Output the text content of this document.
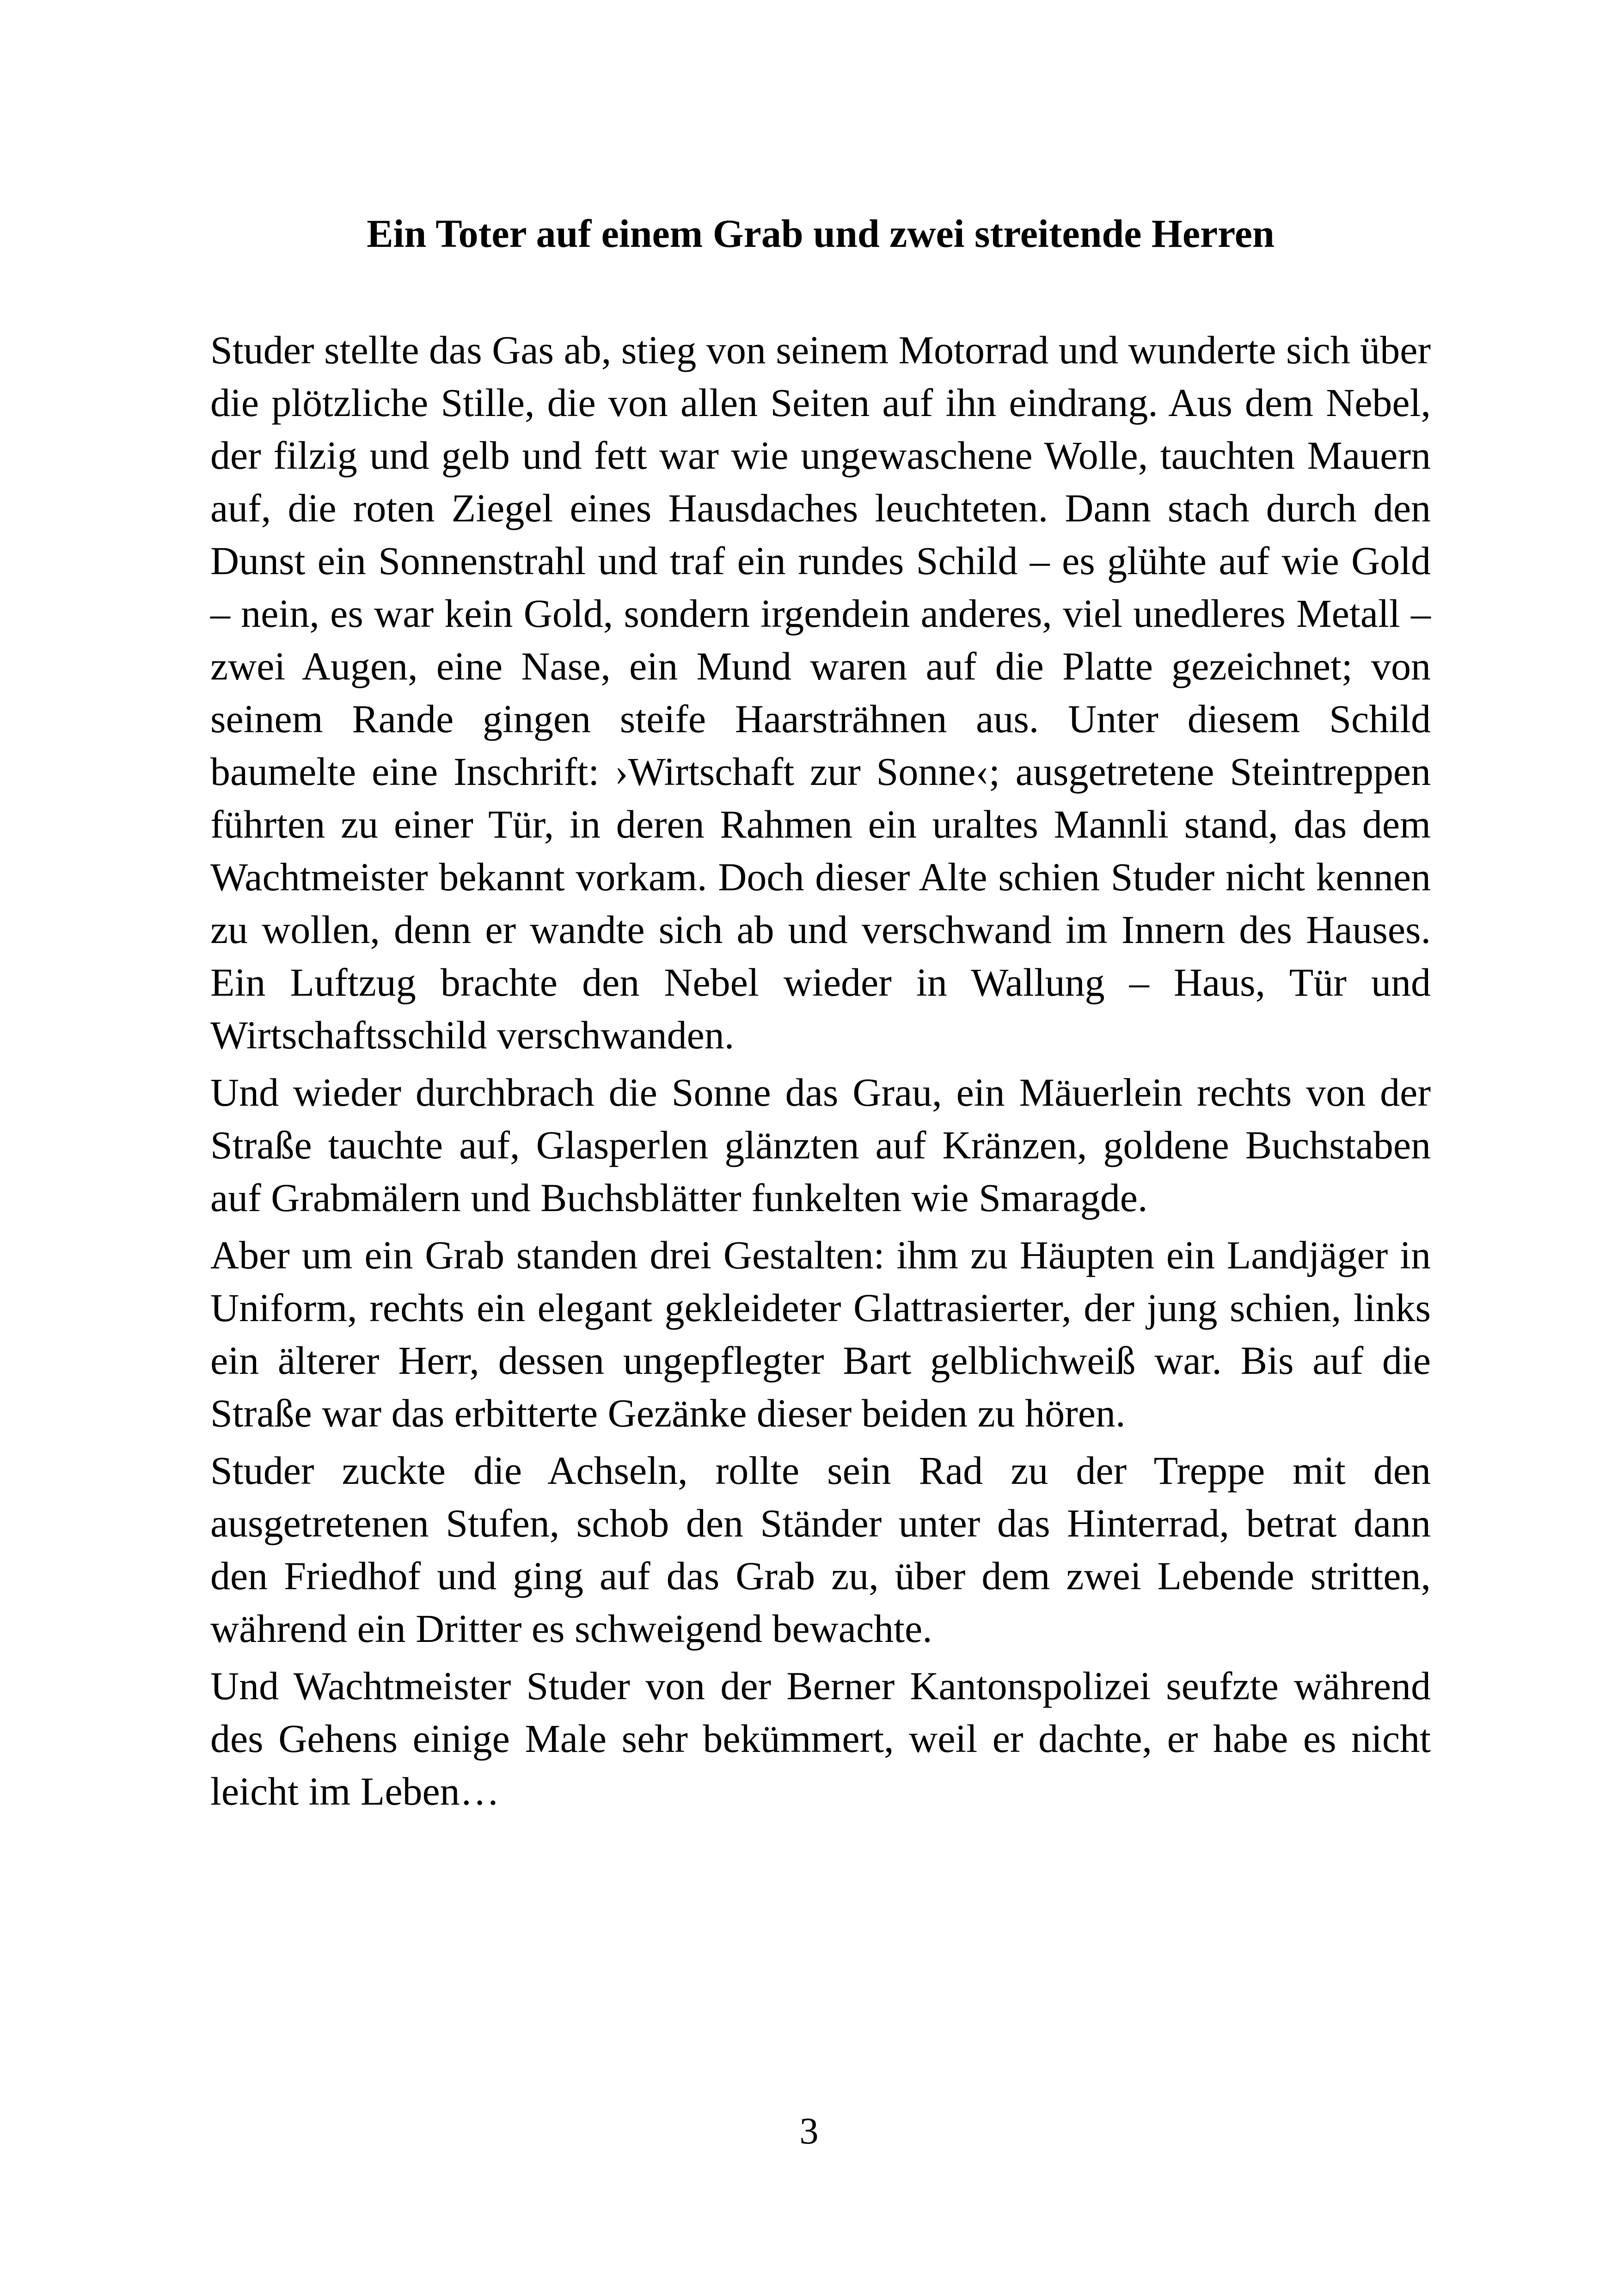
Ein Toter auf einem Grab und zwei streitende Herren

Studer stellte das Gas ab, stieg von seinem Motorrad und wunderte sich über die plötzliche Stille, die von allen Seiten auf ihn eindrang. Aus dem Nebel, der filzig und gelb und fett war wie ungewaschene Wolle, tauchten Mauern auf, die roten Ziegel eines Hausdaches leuchteten. Dann stach durch den Dunst ein Sonnenstrahl und traf ein rundes Schild – es glühte auf wie Gold – nein, es war kein Gold, sondern irgendein anderes, viel unedleres Metall – zwei Augen, eine Nase, ein Mund waren auf die Platte gezeichnet; von seinem Rande gingen steife Haarsträhnen aus. Unter diesem Schild baumelte eine Inschrift: ›Wirtschaft zur Sonne‹; ausgetretene Steintreppen führten zu einer Tür, in deren Rahmen ein uraltes Mannli stand, das dem Wachtmeister bekannt vorkam. Doch dieser Alte schien Studer nicht kennen zu wollen, denn er wandte sich ab und verschwand im Innern des Hauses. Ein Luftzug brachte den Nebel wieder in Wallung – Haus, Tür und Wirtschaftsschild verschwanden.

Und wieder durchbrach die Sonne das Grau, ein Mäuerlein rechts von der Straße tauchte auf, Glasperlen glänzten auf Kränzen, goldene Buchstaben auf Grabmälern und Buchsblätter funkelten wie Smaragde.

Aber um ein Grab standen drei Gestalten: ihm zu Häupten ein Landjäger in Uniform, rechts ein elegant gekleideter Glattrasierter, der jung schien, links ein älterer Herr, dessen ungepflegter Bart gelblichweiß war. Bis auf die Straße war das erbitterte Gezänke dieser beiden zu hören.

Studer zuckte die Achseln, rollte sein Rad zu der Treppe mit den ausgetretenen Stufen, schob den Ständer unter das Hinterrad, betrat dann den Friedhof und ging auf das Grab zu, über dem zwei Lebende stritten, während ein Dritter es schweigend bewachte.

Und Wachtmeister Studer von der Berner Kantonspolizei seufzte während des Gehens einige Male sehr bekümmert, weil er dachte, er habe es nicht leicht im Leben…

3
